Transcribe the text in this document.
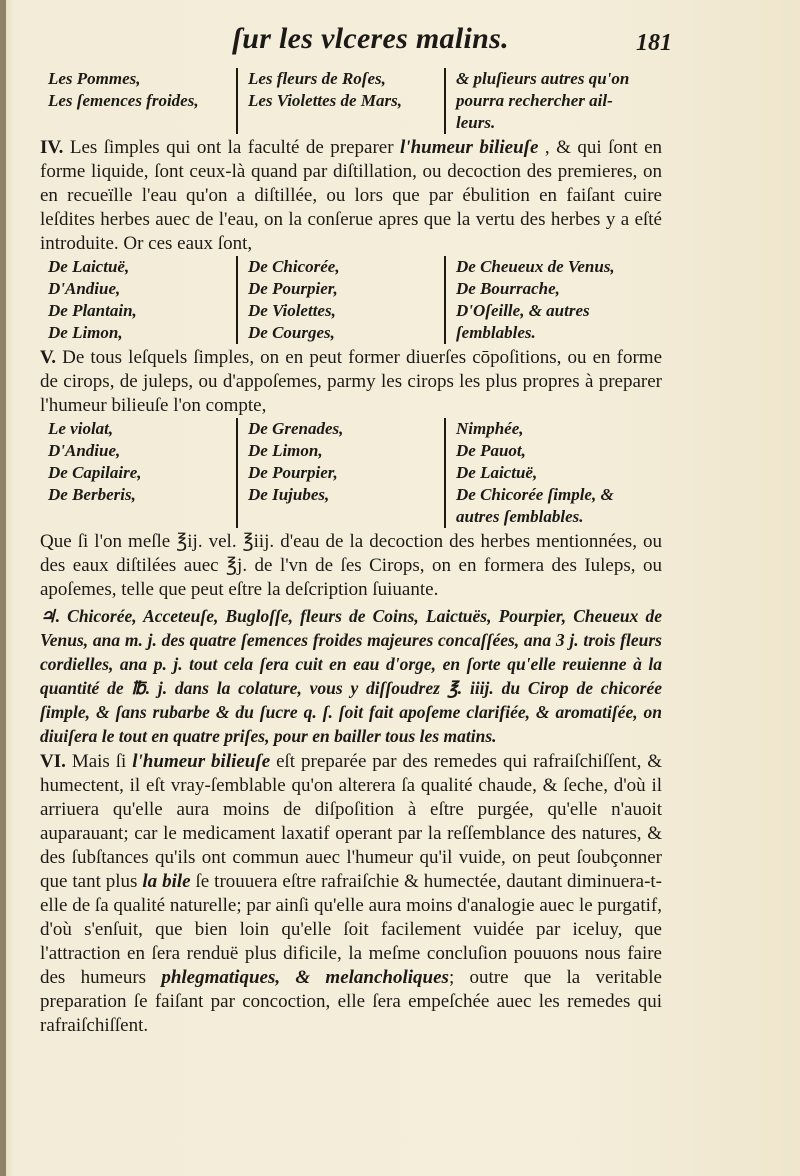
ſur les vlceres malins.	181
Les Pommes,
Les ſemences froides,
Les fleurs de Roſes,
Les Violettes de Mars,
& pluſieurs autres qu'on
pourra rechercher ail-
leurs.

IV. Les ſimples qui ont la faculté de preparer l'humeur bilieuſe , & qui ſont en forme liquide, ſont ceux-là quand par diſtillation, ou decoction des premieres, on en recueïlle l'eau qu'on a diſtillée, ou lors que par ébulition en faiſant cuire leſdites herbes auec de l'eau, on la conſerue apres que la vertu des herbes y a eſté introduite. Or ces eaux ſont,

De Laictuë,
D'Andiue,
De Plantain,
De Limon,
De Chicorée,
De Pourpier,
De Violettes,
De Courges,
De Cheueux de Venus,
De Bourrache,
D'Oſeille, & autres
ſemblables.

V. De tous leſquels ſimples, on en peut former diuerſes cōpoſitions, ou en forme de cirops, de juleps, ou d'appoſemes, parmy les cirops les plus propres à preparer l'humeur bilieuſe l'on compte,

Le violat,
D'Andiue,
De Capilaire,
De Berberis,
De Grenades,
De Limon,
De Pourpier,
De Iujubes,
Nimphée,
De Pauot,
De Laictuë,
De Chicorée ſimple, &
autres ſemblables.

Que ſi l'on meſle ℥ij. vel. ℥iij. d'eau de la decoction des herbes mentionnées, ou des eaux diſtilées auec ℥j. de l'vn de ſes Cirops, on en formera des Iuleps, ou apoſemes, telle que peut eſtre la deſcription ſuiuante.

♃. Chicorée, Acceteuſe, Bugloſſe, fleurs de Coins, Laictuës, Pourpier, Cheueux de Venus, ana m. j. des quatre ſemences froides majeures concaſſées, ana 3 j. trois fleurs cordielles, ana p. j. tout cela ſera cuit en eau d'orge, en ſorte qu'elle reuienne à la quantité de ℔. j. dans la colature, vous y diſſoudrez ℥. iiij. du Cirop de chicorée ſimple, & ſans rubarbe & du ſucre q. ſ. ſoit fait apoſeme clarifiée, & aromatiſée, on diuiſera le tout en quatre priſes, pour en bailler tous les matins.

VI. Mais ſi l'humeur bilieuſe eſt preparée par des remedes qui rafraiſchiſſent, & humectent, il eſt vray-ſemblable qu'on alterera ſa qualité chaude, & ſeche, d'où il arriuera qu'elle aura moins de diſpoſition à eſtre purgée, qu'elle n'auoit auparauant; car le medicament laxatif operant par la reſſemblance des natures, & des ſubſtances qu'ils ont commun auec l'humeur qu'il vuide, on peut ſoubçonner que tant plus la bile ſe trouuera eſtre rafraiſchie & humectée, dautant diminuera-t-elle de ſa qualité naturelle; par ainſi qu'elle aura moins d'analogie auec le purgatif, d'où s'enſuit, que bien loin qu'elle ſoit facilement vuidée par iceluy, que l'attraction en ſera renduë plus dificile, la meſme concluſion pouuons nous faire des humeurs phlegmatiques, & melancholiques; outre que la veritable preparation ſe faiſant par concoction, elle ſera empeſchée auec les remedes qui rafraiſchiſſent.
